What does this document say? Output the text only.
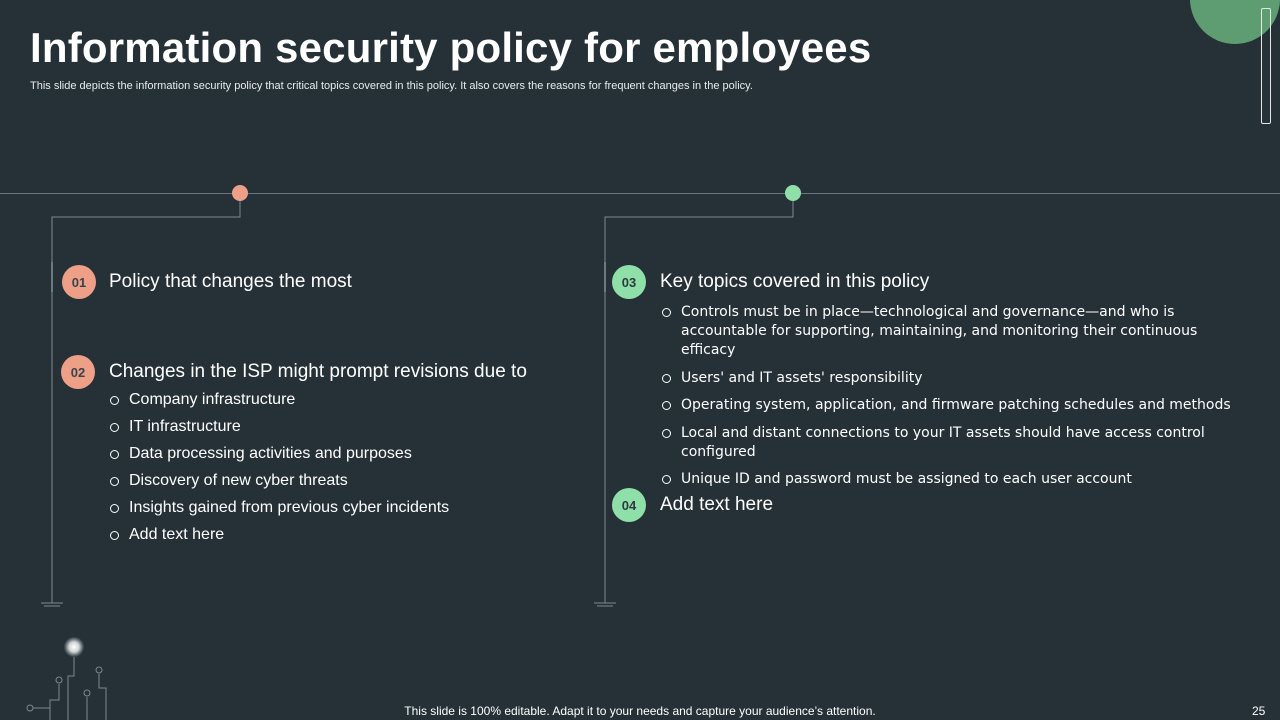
Information security policy for employees
This slide depicts the information security policy that critical topics covered in this policy. It also covers the reasons for frequent changes in the policy.
01	Policy that changes the most
02	Changes in the ISP might prompt revisions due to
Company infrastructure
IT infrastructure
Data processing activities and purposes
Discovery of new cyber threats
Insights gained from previous cyber incidents
Add text here
03	Key topics covered in this policy
Controls must be in place—technological and governance—and who is accountable for supporting, maintaining, and monitoring their continuous efficacy
Users' and IT assets' responsibility
Operating system, application, and firmware patching schedules and methods
Local and distant connections to your IT assets should have access control configured
Unique ID and password must be assigned to each user account
04	Add text here
This slide is 100% editable. Adapt it to your needs and capture your audience’s attention.	25
